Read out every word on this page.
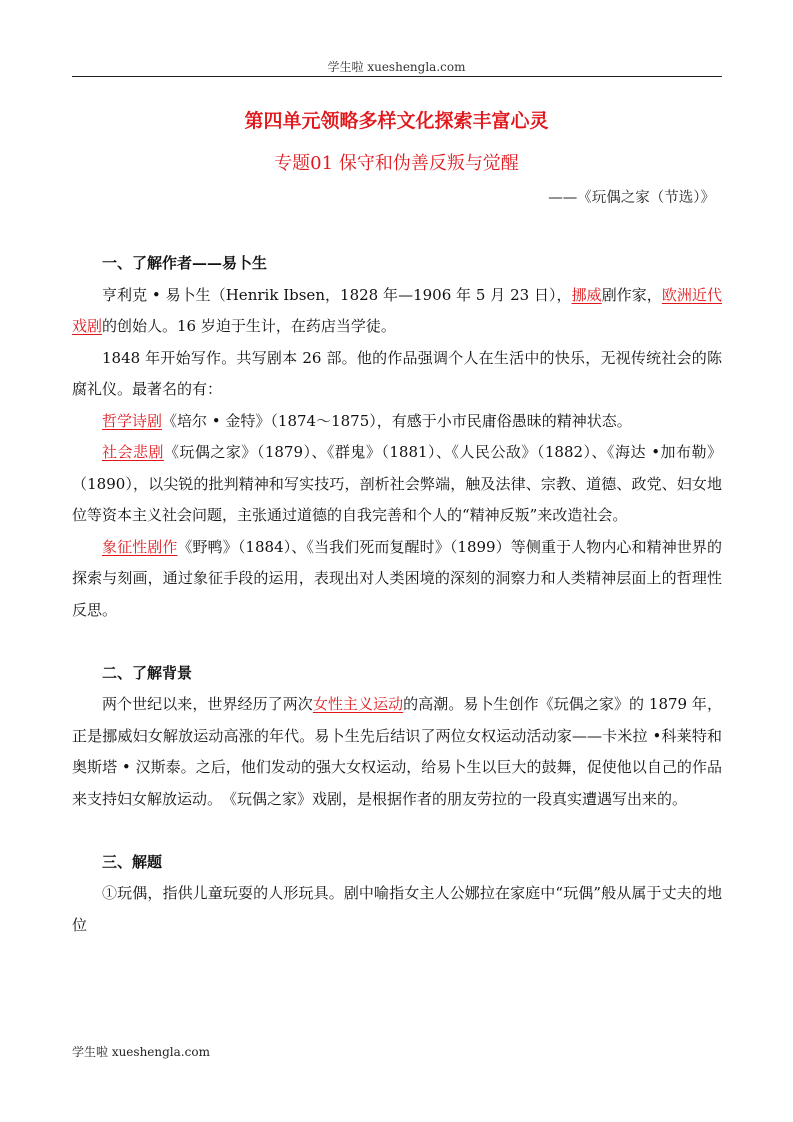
学生啦 xueshengla.com
第四单元领略多样文化探索丰富心灵
专题01 保守和伪善反叛与觉醒
——《玩偶之家（节选）》
一、了解作者——易卜生

亨利克 • 易卜生（Henrik Ibsen，1828 年—1906 年 5 月 23 日），挪威剧作家，欧洲近代戏剧的创始人。16 岁迫于生计，在药店当学徒。

1848 年开始写作。共写剧本 26 部。他的作品强调个人在生活中的快乐，无视传统社会的陈腐礼仪。最著名的有：

哲学诗剧《培尔 • 金特》（1874～1875），有感于小市民庸俗愚昧的精神状态。

社会悲剧《玩偶之家》（1879）、《群鬼》（1881）、《人民公敌》（1882）、《海达 •加布勒》（1890），以尖锐的批判精神和写实技巧，剖析社会弊端，触及法律、宗教、道德、政党、妇女地位等资本主义社会问题，主张通过道德的自我完善和个人的“精神反叛”来改造社会。

象征性剧作《野鸭》（1884）、《当我们死而复醒时》（1899）等侧重于人物内心和精神世界的探索与刻画，通过象征手段的运用，表现出对人类困境的深刻的洞察力和人类精神层面上的哲理性反思。

二、了解背景

两个世纪以来，世界经历了两次女性主义运动的高潮。易卜生创作《玩偶之家》的 1879 年，正是挪威妇女解放运动高涨的年代。易卜生先后结识了两位女权运动活动家——卡米拉 •科莱特和奥斯塔 • 汉斯泰。之后，他们发动的强大女权运动，给易卜生以巨大的鼓舞，促使他以自己的作品来支持妇女解放运动。　《玩偶之家》戏剧，是根据作者的朋友劳拉的一段真实遭遇写出来的。

三、解题

①玩偶，指供儿童玩耍的人形玩具。剧中喻指女主人公娜拉在家庭中“玩偶”般从属于丈夫的地位

学生啦 xueshengla.com
